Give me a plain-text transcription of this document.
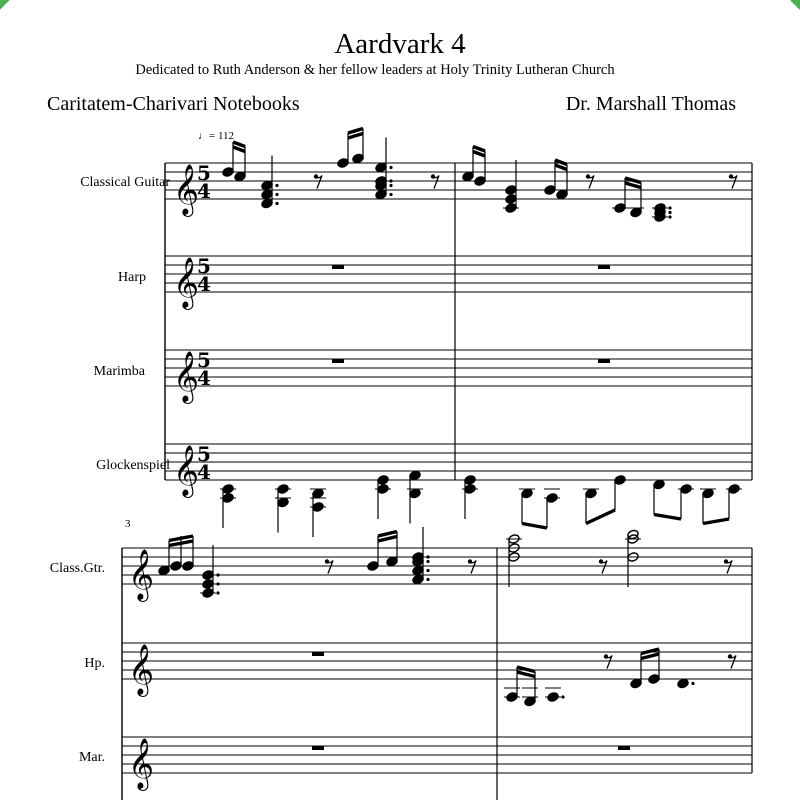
Aardvark 4
Dedicated to Ruth Anderson & her fellow leaders at Holy Trinity Lutheran Church
Caritatem-Charivari Notebooks	Dr. Marshall Thomas
♩= 112
Classical Guitar
Harp
Marimba
Glockenspiel
3
Class.Gtr.
Hp.
Mar.
𝄞
5
4
𝄞
5
4
𝄞
5
4
𝄞
5
4
𝄞
𝄞
𝄞
